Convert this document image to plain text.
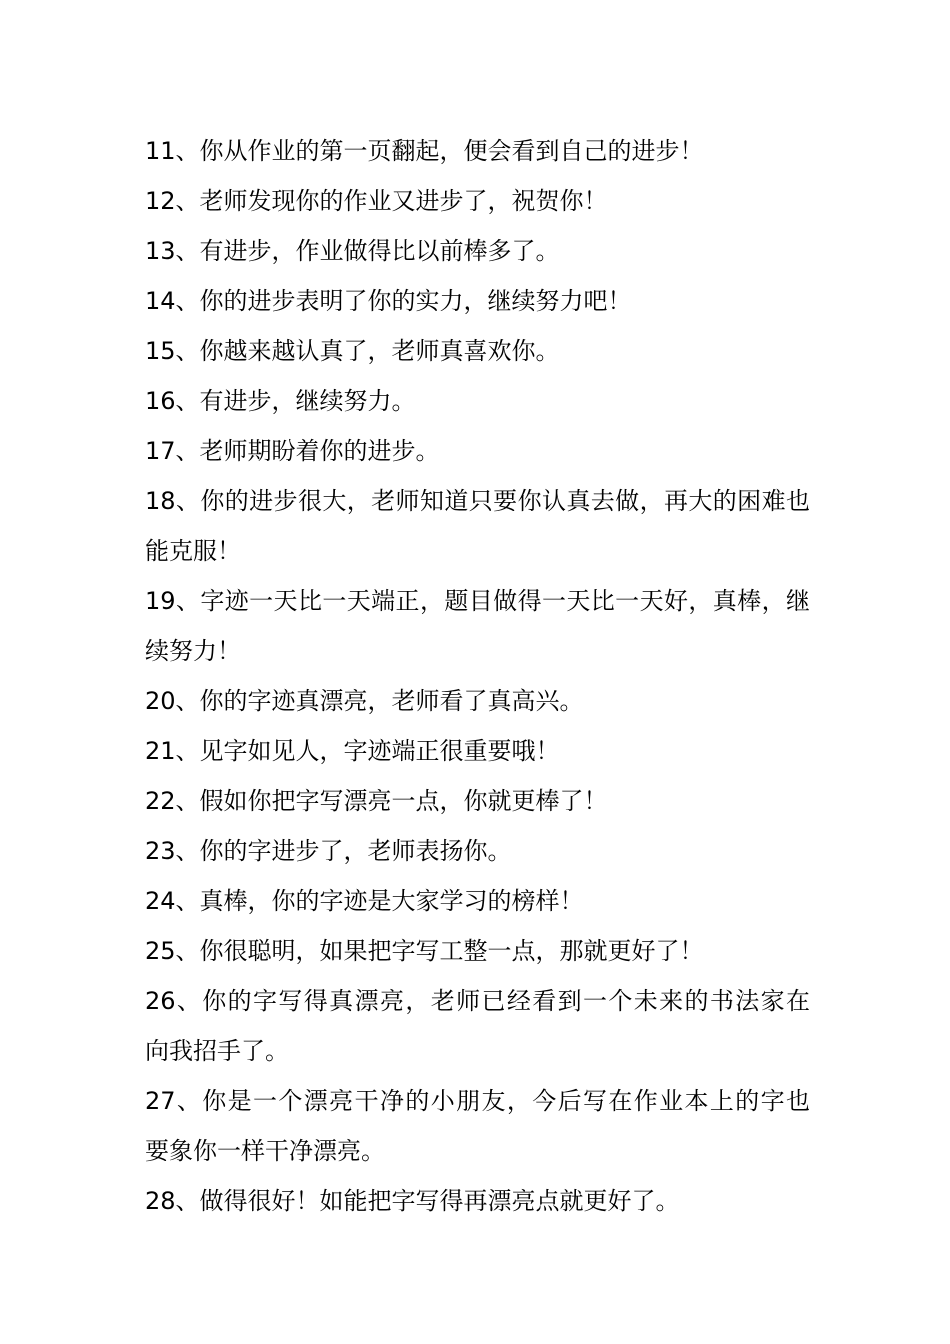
11、你从作业的第一页翻起，便会看到自己的进步！
12、老师发现你的作业又进步了，祝贺你！
13、有进步，作业做得比以前棒多了。
14、你的进步表明了你的实力，继续努力吧！
15、你越来越认真了，老师真喜欢你。
16、有进步，继续努力。
17、老师期盼着你的进步。
18、你的进步很大，老师知道只要你认真去做，再大的困难也
能克服！
19、字迹一天比一天端正，题目做得一天比一天好，真棒，继
续努力！
20、你的字迹真漂亮，老师看了真高兴。
21、见字如见人，字迹端正很重要哦！
22、假如你把字写漂亮一点，你就更棒了！
23、你的字进步了，老师表扬你。
24、真棒，你的字迹是大家学习的榜样！
25、你很聪明，如果把字写工整一点，那就更好了！
26、你的字写得真漂亮，老师已经看到一个未来的书法家在
向我招手了。
27、你是一个漂亮干净的小朋友，今后写在作业本上的字也
要象你一样干净漂亮。
28、做得很好！如能把字写得再漂亮点就更好了。
